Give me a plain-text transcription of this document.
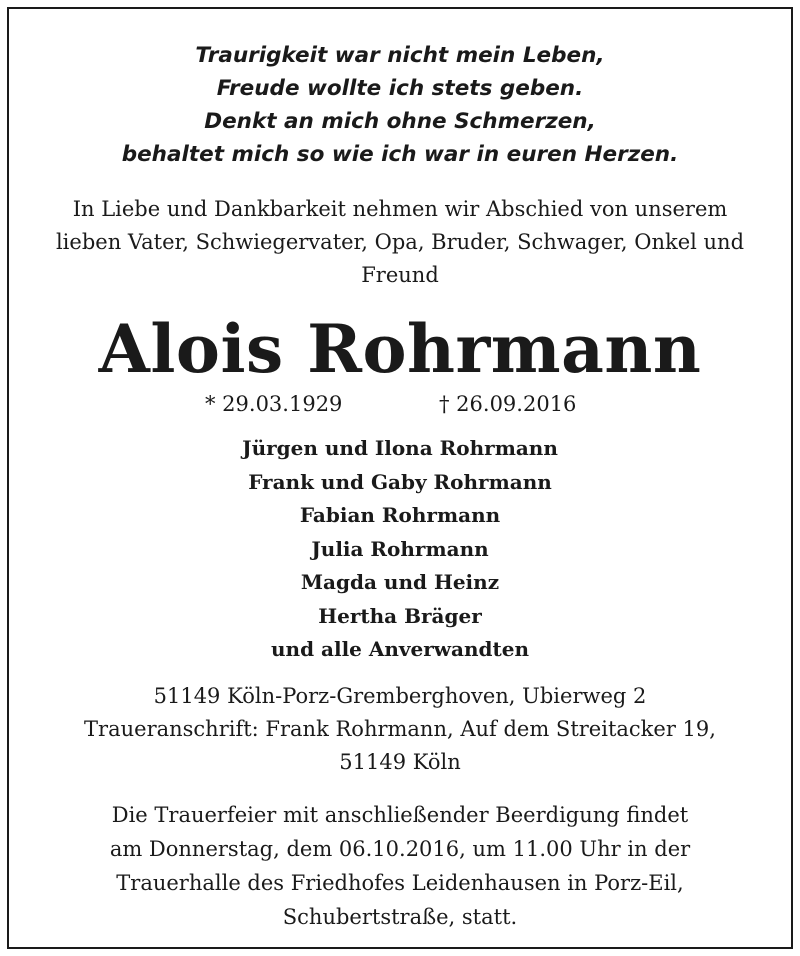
Traurigkeit war nicht mein Leben,
Freude wollte ich stets geben.
Denkt an mich ohne Schmerzen,
behaltet mich so wie ich war in euren Herzen.
In Liebe und Dankbarkeit nehmen wir Abschied von unserem
lieben Vater, Schwiegervater, Opa, Bruder, Schwager, Onkel und
Freund
Alois Rohrmann
* 29.03.1929	† 26.09.2016
Jürgen und Ilona Rohrmann
Frank und Gaby Rohrmann
Fabian Rohrmann
Julia Rohrmann
Magda und Heinz
Hertha Bräger
und alle Anverwandten
51149 Köln-Porz-Gremberghoven, Ubierweg 2
Traueranschrift: Frank Rohrmann, Auf dem Streitacker 19,
51149 Köln
Die Trauerfeier mit anschließender Beerdigung findet
am Donnerstag, dem 06.10.2016, um 11.00 Uhr in der
Trauerhalle des Friedhofes Leidenhausen in Porz-Eil,
Schubertstraße, statt.
